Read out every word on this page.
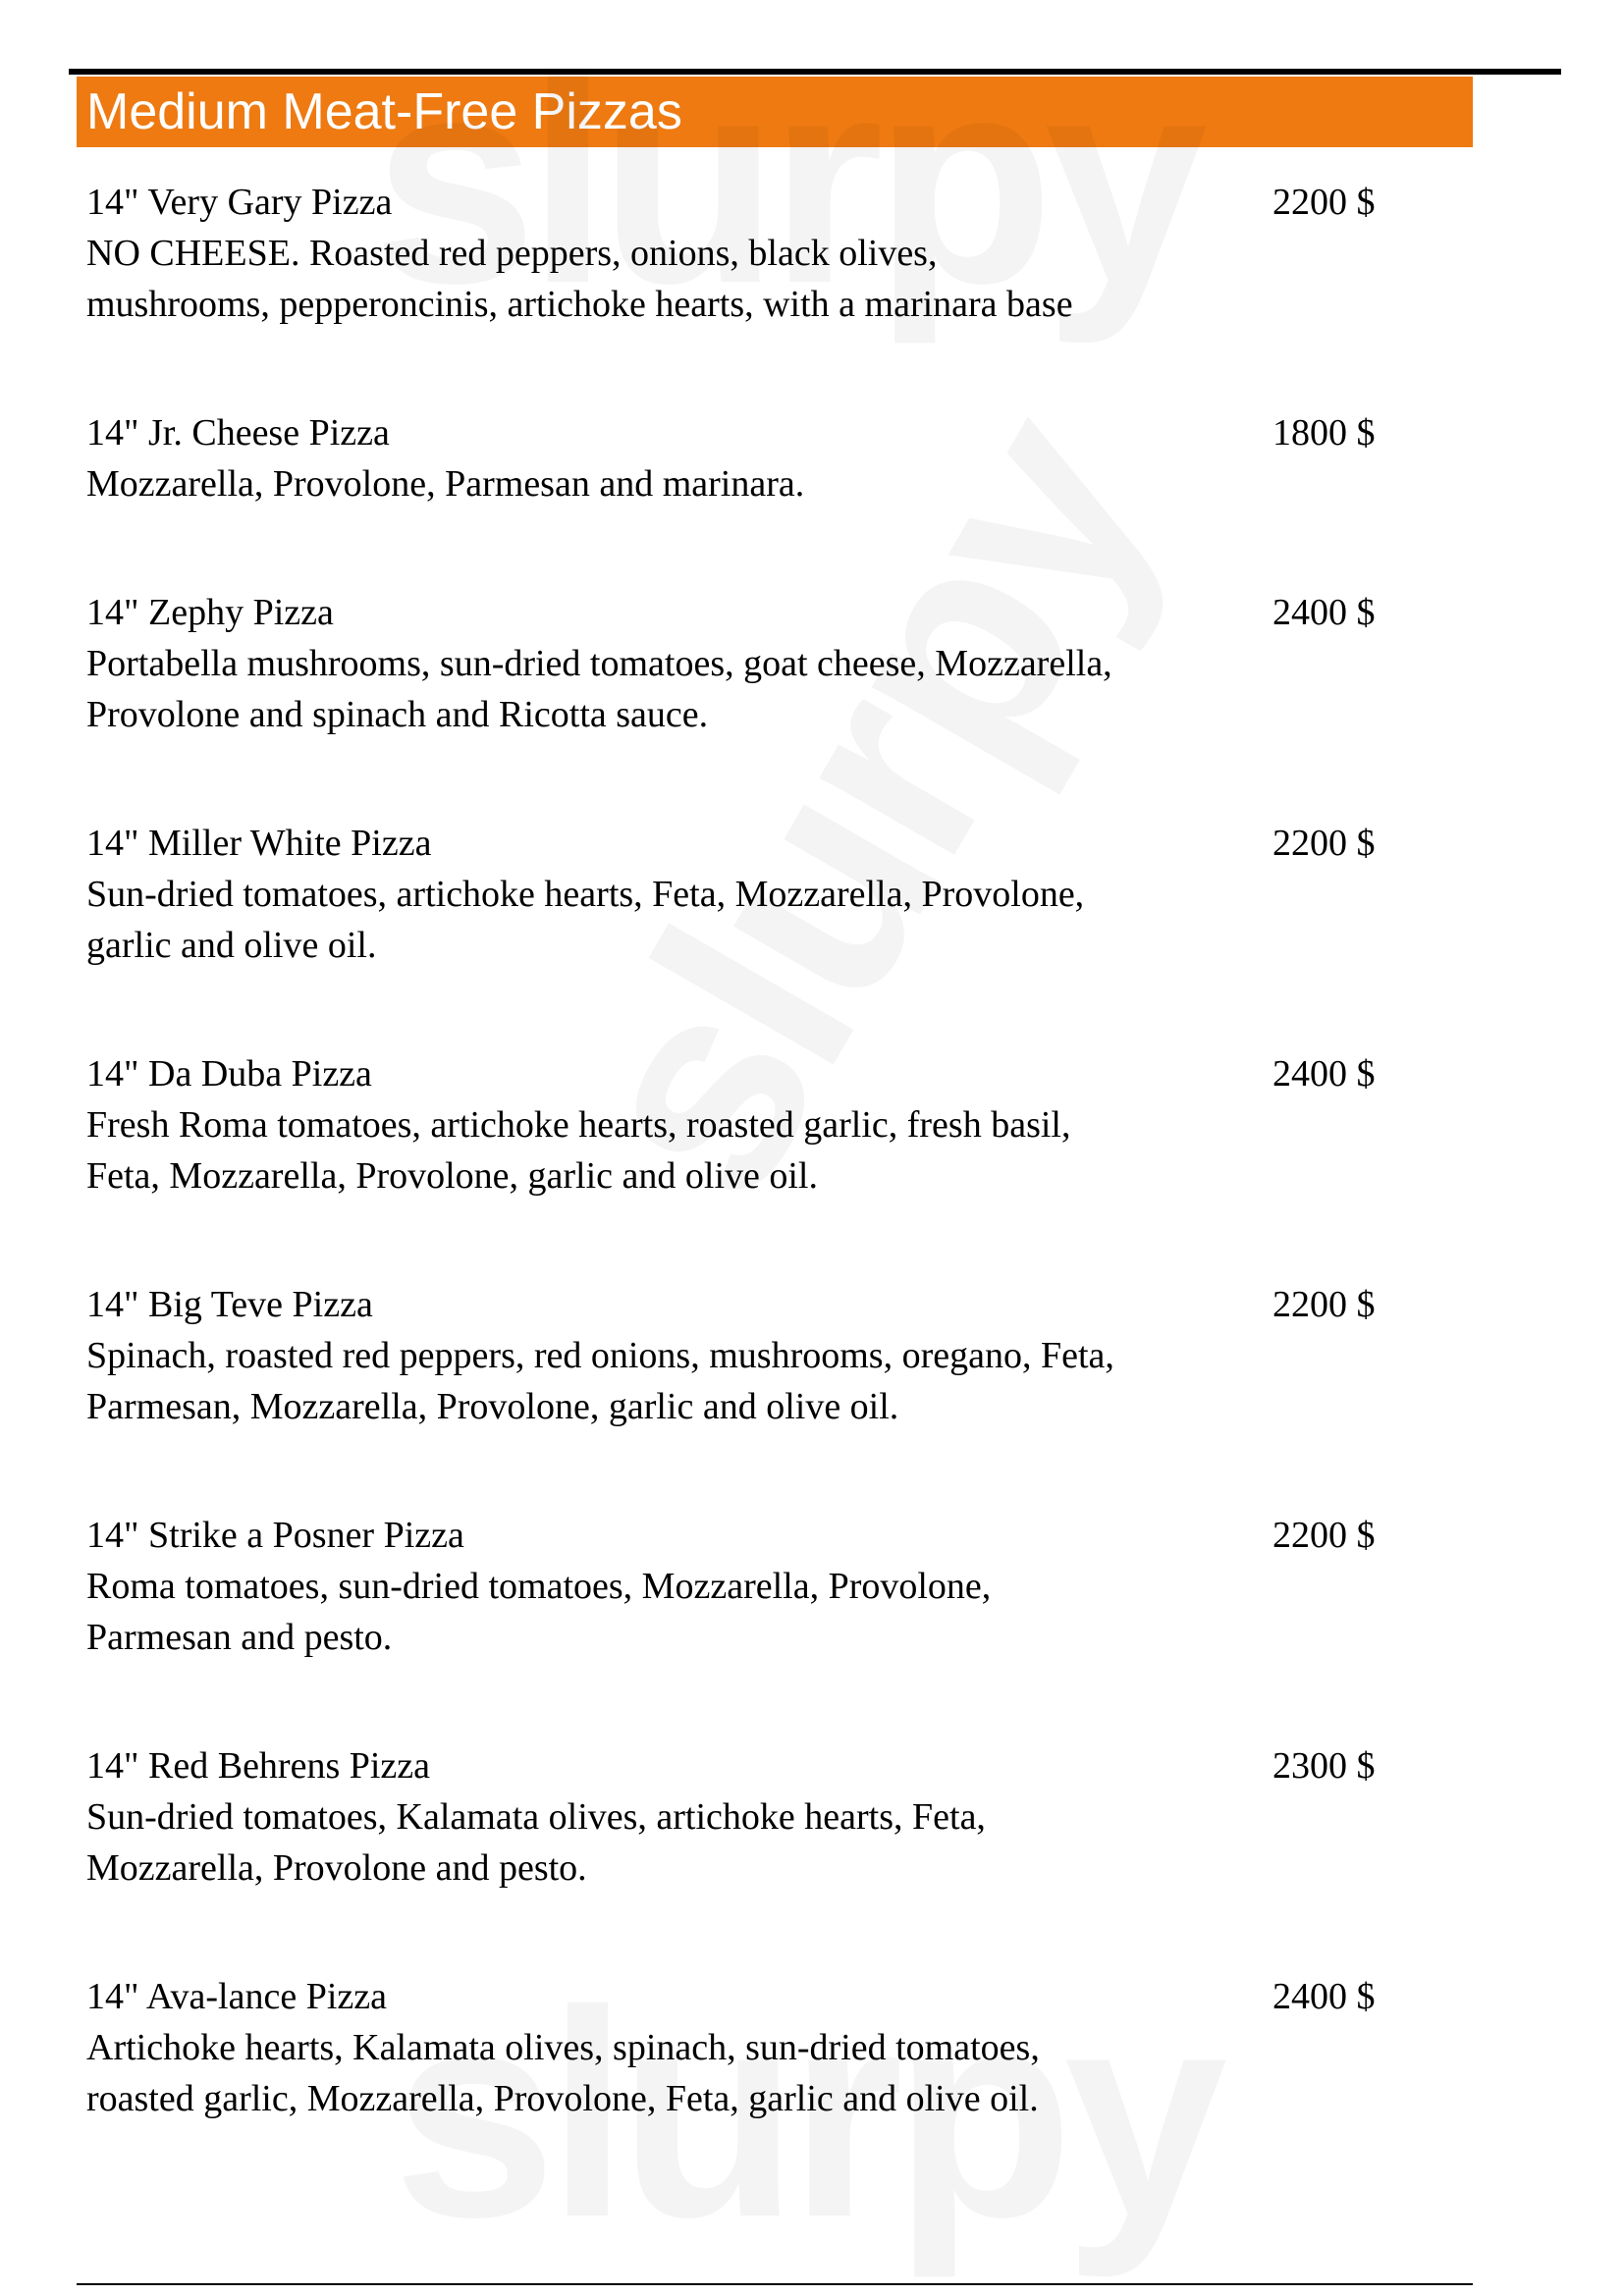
Medium Meat-Free Pizzas
14" Very Gary Pizza	2200 $
NO CHEESE. Roasted red peppers, onions, black olives,
mushrooms, pepperoncinis, artichoke hearts, with a marinara base
14" Jr. Cheese Pizza	1800 $
Mozzarella, Provolone, Parmesan and marinara.
14" Zephy Pizza	2400 $
Portabella mushrooms, sun-dried tomatoes, goat cheese, Mozzarella,
Provolone and spinach and Ricotta sauce.
14" Miller White Pizza	2200 $
Sun-dried tomatoes, artichoke hearts, Feta, Mozzarella, Provolone,
garlic and olive oil.
14" Da Duba Pizza	2400 $
Fresh Roma tomatoes, artichoke hearts, roasted garlic, fresh basil,
Feta, Mozzarella, Provolone, garlic and olive oil.
14" Big Teve Pizza	2200 $
Spinach, roasted red peppers, red onions, mushrooms, oregano, Feta,
Parmesan, Mozzarella, Provolone, garlic and olive oil.
14" Strike a Posner Pizza	2200 $
Roma tomatoes, sun-dried tomatoes, Mozzarella, Provolone,
Parmesan and pesto.
14" Red Behrens Pizza	2300 $
Sun-dried tomatoes, Kalamata olives, artichoke hearts, Feta,
Mozzarella, Provolone and pesto.
14" Ava-lance Pizza	2400 $
Artichoke hearts, Kalamata olives, spinach, sun-dried tomatoes,
roasted garlic, Mozzarella, Provolone, Feta, garlic and olive oil.
